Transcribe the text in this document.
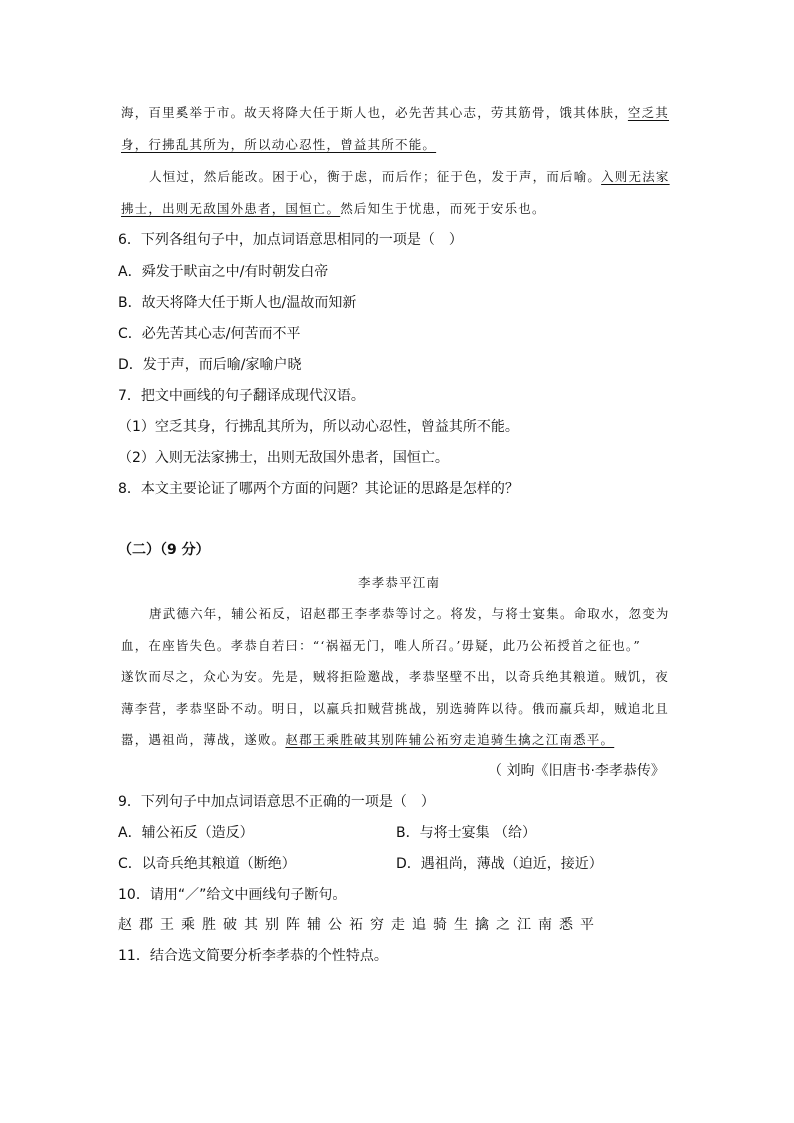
海，百里奚举于市。故天将降大任于斯人也，必先苦其心志，劳其筋骨，饿其体肤，空乏其
身，行拂乱其所为，所以动心忍性，曾益其所不能。
人恒过，然后能改。困于心，衡于虑，而后作；征于色，发于声，而后喻。入则无法家
拂士，出则无敌国外患者，国恒亡。然后知生于忧患，而死于安乐也。
6．下列各组句子中，加点词语意思相同的一项是（　）
A．舜发于畎亩之中/有时朝发白帝
B．故天将降大任于斯人也/温故而知新
C．必先苦其心志/何苦而不平
D．发于声，而后喻/家喻户晓
7．把文中画线的句子翻译成现代汉语。
（1）空乏其身，行拂乱其所为，所以动心忍性，曾益其所不能。
（2）入则无法家拂士，出则无敌国外患者，国恒亡。
8．本文主要论证了哪两个方面的问题？其论证的思路是怎样的？
（二）（9 分）
李孝恭平江南
唐武德六年，辅公祏反，诏赵郡王李孝恭等讨之。将发，与将士宴集。命取水，忽变为
血，在座皆失色。孝恭自若曰：“‘祸福无门，唯人所召。’毋疑，此乃公祏授首之征也。”
遂饮而尽之，众心为安。先是，贼将拒险邀战，孝恭坚壁不出，以奇兵绝其粮道。贼饥，夜
薄李营，孝恭坚卧不动。明日，以羸兵扣贼营挑战，别选骑阵以待。俄而羸兵却，贼追北且
嚣，遇祖尚，薄战，遂败。赵郡王乘胜破其别阵辅公祏穷走追骑生擒之江南悉平。
（ 刘昫《旧唐书·李孝恭传》
9．下列句子中加点词语意思不正确的一项是（　）
A．辅公祏反（造反）	B．与将士宴集 （给）
C．以奇兵绝其粮道（断绝）	D．遇祖尚，薄战（迫近，接近）
10．请用“／”给文中画线句子断句。
赵郡王乘胜破其别阵辅公祏穷走追骑生擒之江南悉平
11．结合选文简要分析李孝恭的个性特点。
